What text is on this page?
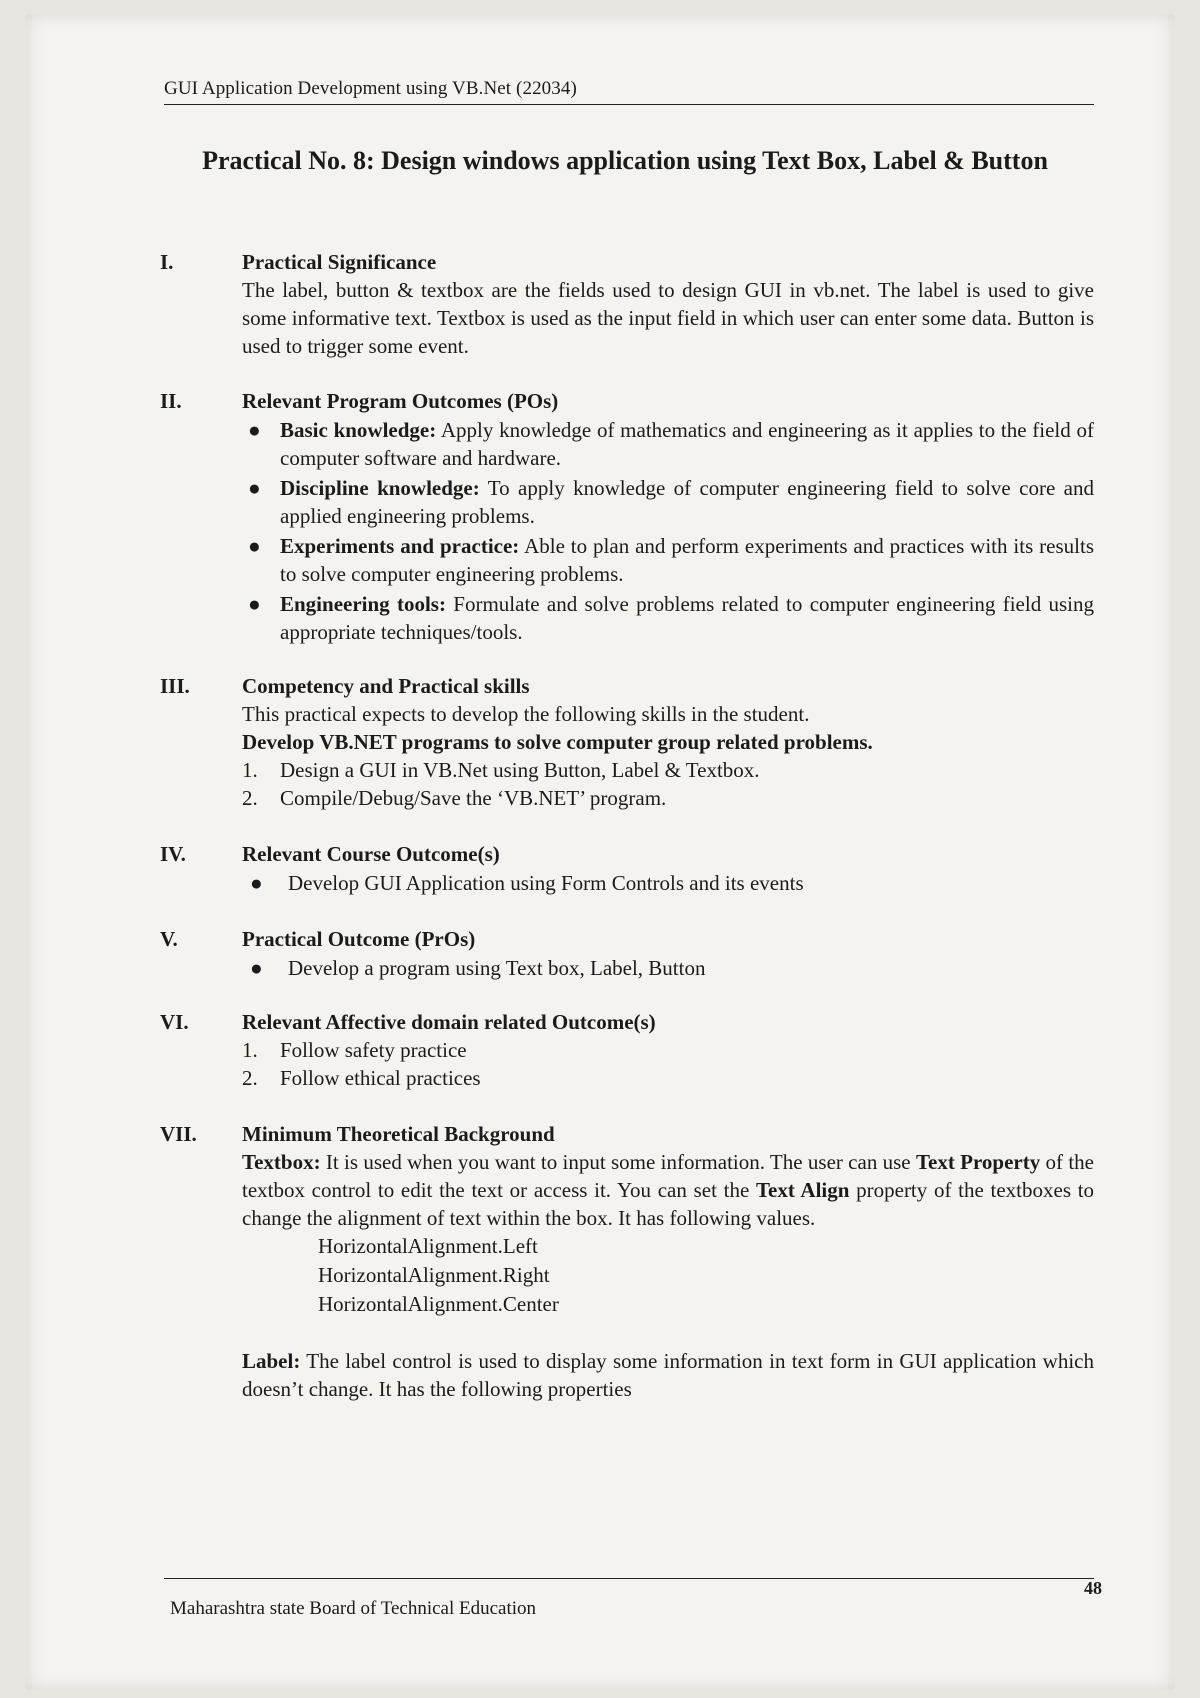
GUI Application Development using VB.Net (22034)
Practical No. 8: Design windows application using Text Box, Label & Button
I.	Practical Significance
The label, button & textbox are the fields used to design GUI in vb.net. The label is used to give some informative text. Textbox is used as the input field in which user can enter some data. Button is used to trigger some event.
II.	Relevant Program Outcomes (POs)
● Basic knowledge: Apply knowledge of mathematics and engineering as it applies to the field of computer software and hardware.
● Discipline knowledge: To apply knowledge of computer engineering field to solve core and applied engineering problems.
● Experiments and practice: Able to plan and perform experiments and practices with its results to solve computer engineering problems.
● Engineering tools: Formulate and solve problems related to computer engineering field using appropriate techniques/tools.
III.	Competency and Practical skills
This practical expects to develop the following skills in the student.
Develop VB.NET programs to solve computer group related problems.
1. Design a GUI in VB.Net using Button, Label & Textbox.
2. Compile/Debug/Save the ‘VB.NET’ program.
IV.	Relevant Course Outcome(s)
● Develop GUI Application using Form Controls and its events
V.	Practical Outcome (PrOs)
● Develop a program using Text box, Label, Button
VI.	Relevant Affective domain related Outcome(s)
1. Follow safety practice
2. Follow ethical practices
VII.	Minimum Theoretical Background
Textbox: It is used when you want to input some information. The user can use Text Property of the textbox control to edit the text or access it. You can set the Text Align property of the textboxes to change the alignment of text within the box. It has following values.
HorizontalAlignment.Left
HorizontalAlignment.Right
HorizontalAlignment.Center
Label: The label control is used to display some information in text form in GUI application which doesn’t change. It has the following properties
Maharashtra state Board of Technical Education
48
